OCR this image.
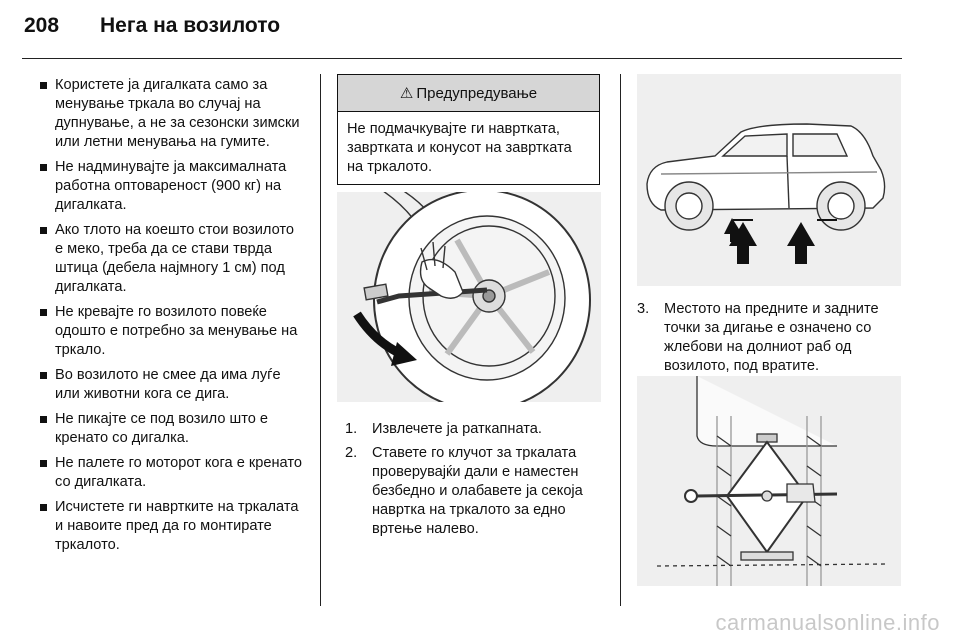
208	Нега на возилото
Користете ја дигалката само за менување тркала во случај на дупнување, а не за сезонски зимски или летни менувања на гумите.
Не надминувајте ја максималната работна оптовареност (900 кг) на дигалката.
Ако тлото на коешто стои возилото е меко, треба да се стави тврда штица (дебела најмногу 1 см) под дигалката.
Не кревајте го возилото повеќе одошто е потребно за менување на тркало.
Во возилото не смее да има луѓе или животни кога се дига.
Не пикајте се под возило што е кренато со дигалка.
Не палете го моторот кога е кренато со дигалката.
Исчистете ги навртките на тркалата и навоите пред да го монтирате тркалото.
⚠ Предупредување
Не подмачкувајте ги навртката, завртката и конусот на завртката на тркалото.
1. Извлечете ја раткапната.
2. Ставете го клучот за тркалата проверувајќи дали е наместен безбедно и олабавете ја секоја навртка на тркалото за едно вртење налево.
3. Местото на предните и задните точки за дигање е означено со жлебови на долниот раб од возилото, под вратите.
carmanualsonline.info
